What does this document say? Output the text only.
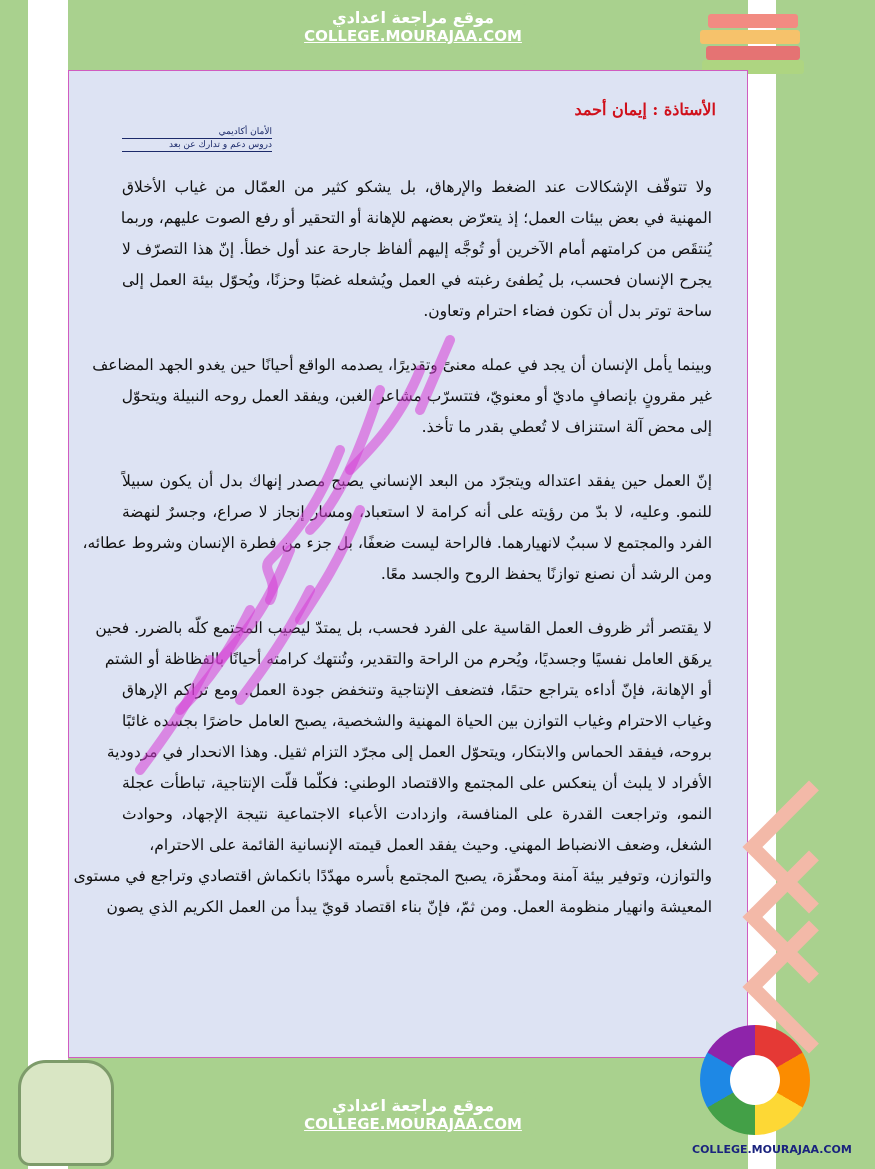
موقع مراجعة اعدادي
COLLEGE.MOURAJAA.COM
الأستاذة : إيمان أحمد
الأمان أكاديمي
دروس دعم و تدارك عن بعد
ولا تتوقّف الإشكالات عند الضغط والإرهاق، بل يشكو كثير من العمّال من غياب الأخلاق
المهنية في بعض بيئات العمل؛ إذ يتعرّض بعضهم للإهانة أو التحقير أو رفع الصوت عليهم، وربما
يُنتقَص من كرامتهم أمام الآخرين أو تُوجَّه إليهم ألفاظ جارحة عند أول خطأ. إنّ هذا التصرّف لا
يجرح الإنسان فحسب، بل يُطفئ رغبته في العمل ويُشعله غضبًا وحزنًا، ويُحوّل بيئة العمل إلى
ساحة توتر بدل أن تكون فضاء احترام وتعاون.
وبينما يأمل الإنسان أن يجد في عمله معنىً وتقديرًا، يصدمه الواقع أحيانًا حين يغدو الجهد المضاعف
غير مقرونٍ بإنصافٍ ماديّ أو معنويّ، فتتسرّب مشاعر الغبن، ويفقد العمل روحه النبيلة ويتحوّل
إلى محض آلة استنزاف لا تُعطي بقدر ما تأخذ.
إنّ العمل حين يفقد اعتداله ويتجرّد من البعد الإنساني يصبح مصدر إنهاك بدل أن يكون سبيلاً
للنمو. وعليه، لا بدّ من رؤيته على أنه كرامة لا استعباد، ومسار إنجاز لا صراع، وجسرٌ لنهضة
الفرد والمجتمع لا سببٌ لانهيارهما. فالراحة ليست ضعفًا، بل جزء من فطرة الإنسان وشروط عطائه،
ومن الرشد أن نصنع توازنًا يحفظ الروح والجسد معًا.
لا يقتصر أثر ظروف العمل القاسية على الفرد فحسب، بل يمتدّ ليصيب المجتمع كلّه بالضرر. فحين
يرهَق العامل نفسيًا وجسديًا، ويُحرم من الراحة والتقدير، وتُنتهك كرامته أحيانًا بالفظاظة أو الشتم
أو الإهانة، فإنّ أداءه يتراجع حتمًا، فتضعف الإنتاجية وتنخفض جودة العمل. ومع تراكم الإرهاق
وغياب الاحترام وغياب التوازن بين الحياة المهنية والشخصية، يصبح العامل حاضرًا بجسده غائبًا
بروحه، فيفقد الحماس والابتكار، ويتحوّل العمل إلى مجرّد التزام ثقيل. وهذا الانحدار في مردودية
الأفراد لا يلبث أن ينعكس على المجتمع والاقتصاد الوطني: فكلّما قلّت الإنتاجية، تباطأت عجلة
النمو، وتراجعت القدرة على المنافسة، وازدادت الأعباء الاجتماعية نتيجة الإجهاد، وحوادث
الشغل، وضعف الانضباط المهني. وحيث يفقد العمل قيمته الإنسانية القائمة على الاحترام،
والتوازن، وتوفير بيئة آمنة ومحفّزة، يصبح المجتمع بأسره مهدّدًا بانكماش اقتصادي وتراجع في مستوى
المعيشة وانهيار منظومة العمل. ومن ثمّ، فإنّ بناء اقتصاد قويّ يبدأ من العمل الكريم الذي يصون
موقع مراجعة اعدادي
COLLEGE.MOURAJAA.COM
COLLEGE.MOURAJAA.COM
